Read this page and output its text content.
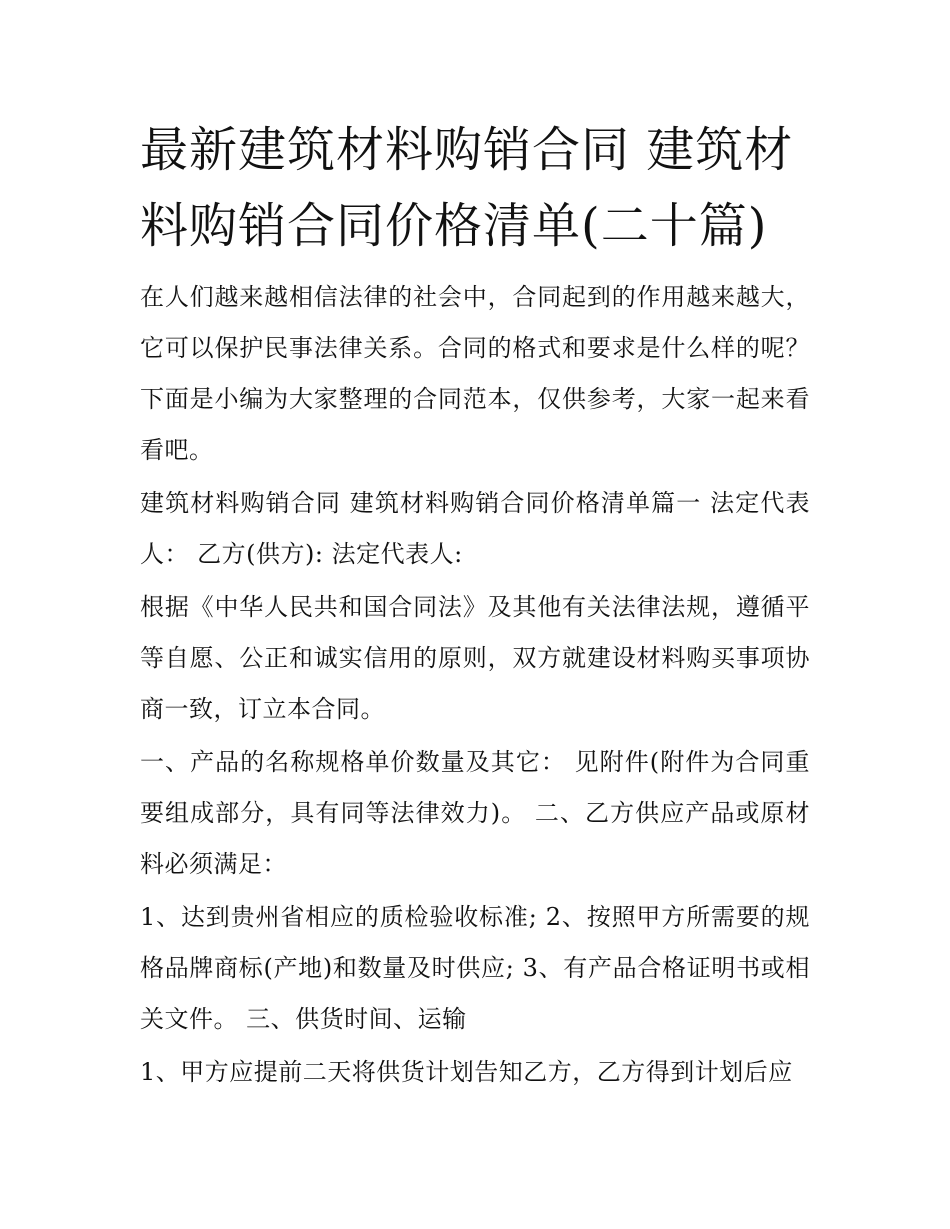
最新建筑材料购销合同 建筑材料购销合同价格清单(二十篇)

在人们越来越相信法律的社会中，合同起到的作用越来越大，它可以保护民事法律关系。合同的格式和要求是什么样的呢？下面是小编为大家整理的合同范本，仅供参考，大家一起来看看吧。

建筑材料购销合同 建筑材料购销合同价格清单篇一 法定代表人： 乙方(供方): 法定代表人:

根据《中华人民共和国合同法》及其他有关法律法规，遵循平等自愿、公正和诚实信用的原则，双方就建设材料购买事项协商一致，订立本合同。

一、产品的名称规格单价数量及其它： 见附件(附件为合同重要组成部分，具有同等法律效力)。 二、乙方供应产品或原材料必须满足：

1、达到贵州省相应的质检验收标准; 2、按照甲方所需要的规格品牌商标(产地)和数量及时供应; 3、有产品合格证明书或相关文件。 三、供货时间、运输

1、甲方应提前二天将供货计划告知乙方，乙方得到计划后应
